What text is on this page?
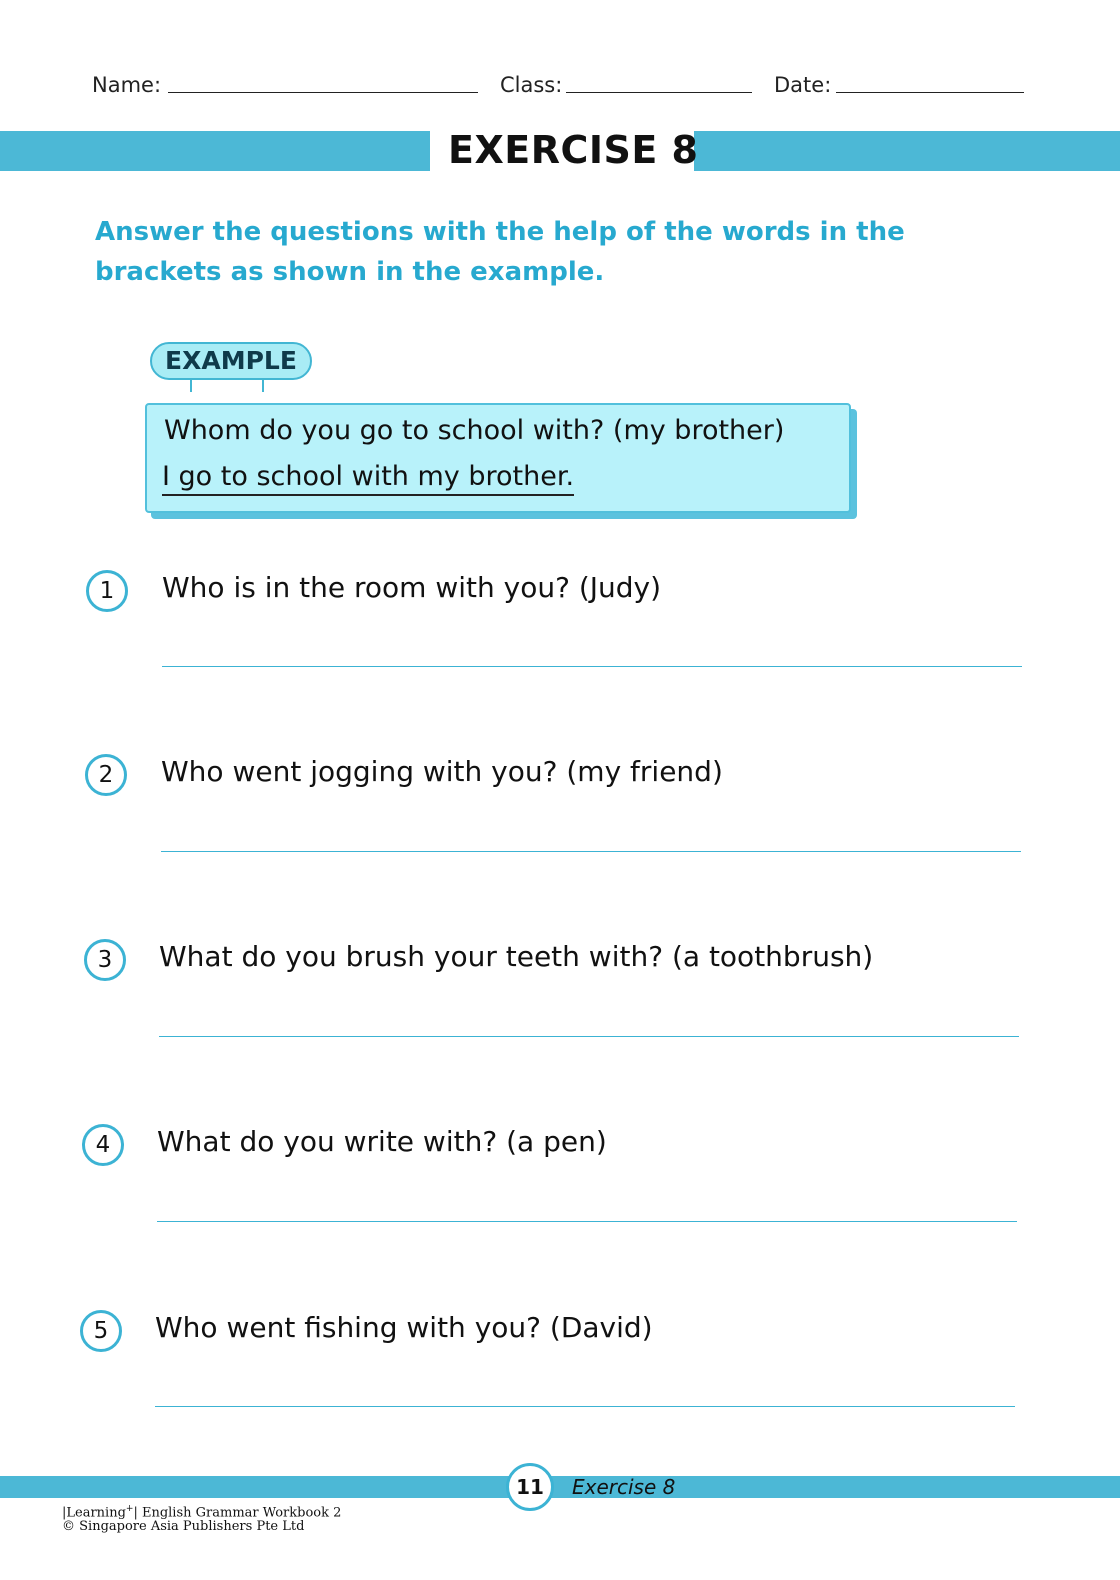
Name:	Class:	Date:
EXERCISE 8
Answer the questions with the help of the words in the brackets as shown in the example.
EXAMPLE
Whom do you go to school with? (my brother)
I go to school with my brother.
1	Who is in the room with you? (Judy)
2	Who went jogging with you? (my friend)
3	What do you brush your teeth with? (a toothbrush)
4	What do you write with? (a pen)
5	Who went fishing with you? (David)
11	Exercise 8
|Learning+| English Grammar Workbook 2
© Singapore Asia Publishers Pte Ltd
